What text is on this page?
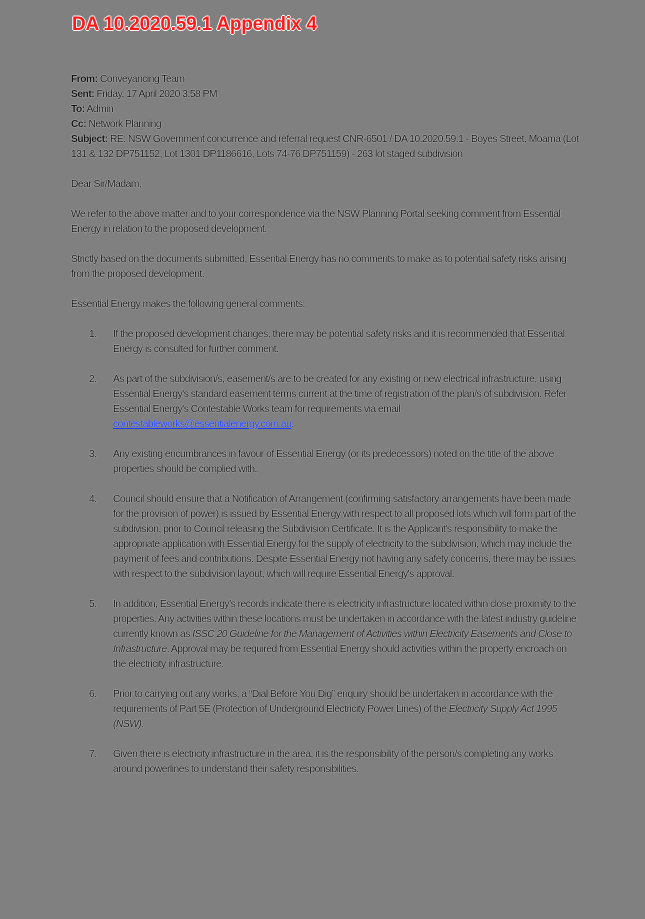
DA 10.2020.59.1 Appendix 4

From: Conveyancing Team

Sent: Friday, 17 April 2020 3:58 PM

To: Admin

Cc: Network Planning

Subject: RE: NSW Government concurrence and referral request CNR-6501 / DA 10.2020.59.1 - Boyes Street, Moama (Lot 131 & 132 DP751152, Lot 1301 DP1186616, Lots 74-76 DP751159) - 263 lot staged subdivision

Dear Sir/Madam,

We refer to the above matter and to your correspondence via the NSW Planning Portal seeking comment from Essential Energy in relation to the proposed development.

Strictly based on the documents submitted, Essential Energy has no comments to make as to potential safety risks arising from the proposed development.

Essential Energy makes the following general comments:

1. If the proposed development changes, there may be potential safety risks and it is recommended that Essential Energy is consulted for further comment.
2. As part of the subdivision/s, easement/s are to be created for any existing or new electrical infrastructure, using Essential Energy's standard easement terms current at the time of registration of the plan/s of subdivision. Refer Essential Energy's Contestable Works team for requirements via email contestableworks@essentialenergy.com.au.
3. Any existing encumbrances in favour of Essential Energy (or its predecessors) noted on the title of the above properties should be complied with.
4. Council should ensure that a Notification of Arrangement (confirming satisfactory arrangements have been made for the provision of power) is issued by Essential Energy with respect to all proposed lots which will form part of the subdivision, prior to Council releasing the Subdivision Certificate. It is the Applicant's responsibility to make the appropriate application with Essential Energy for the supply of electricity to the subdivision, which may include the payment of fees and contributions. Despite Essential Energy not having any safety concerns, there may be issues with respect to the subdivision layout, which will require Essential Energy's approval.
5. In addition, Essential Energy's records indicate there is electricity infrastructure located within close proximity to the properties. Any activities within these locations must be undertaken in accordance with the latest industry guideline currently known as ISSC 20 Guideline for the Management of Activities within Electricity Easements and Close to Infrastructure. Approval may be required from Essential Energy should activities within the property encroach on the electricity infrastructure.
6. Prior to carrying out any works, a “Dial Before You Dig” enquiry should be undertaken in accordance with the requirements of Part 5E (Protection of Underground Electricity Power Lines) of the Electricity Supply Act 1995 (NSW).
7. Given there is electricity infrastructure in the area, it is the responsibility of the person/s completing any works around powerlines to understand their safety responsibilities.
